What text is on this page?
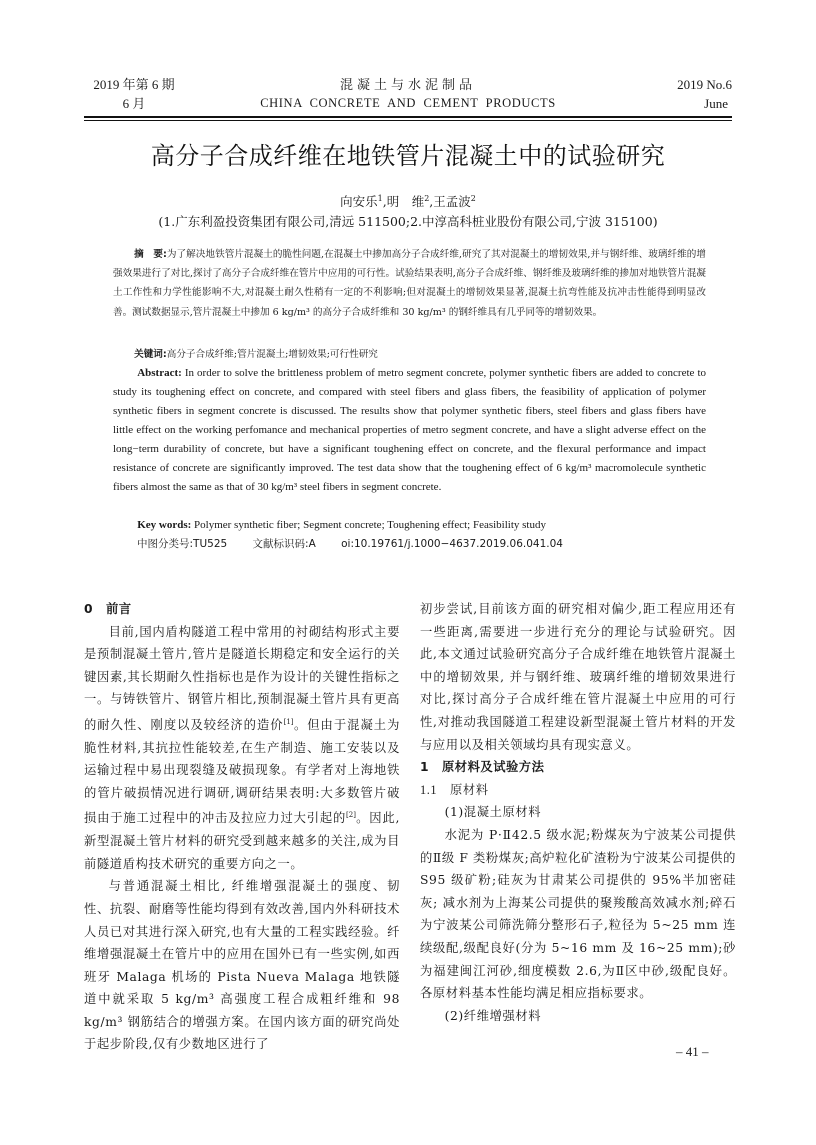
2019 年第 6 期
6 月
混凝土与水泥制品
CHINA  CONCRETE  AND  CEMENT  PRODUCTS
2019 No.6
June
高分子合成纤维在地铁管片混凝土中的试验研究
向安乐$^1$,明　维$^2$,王孟波$^2$
(1.广东利盈投资集团有限公司,清远 511500;2.中淳高科桩业股份有限公司,宁波 315100)
摘　要:为了解决地铁管片混凝土的脆性问题,在混凝土中掺加高分子合成纤维,研究了其对混凝土的增韧效果,并与钢纤维、玻璃纤维的增强效果进行了对比,探讨了高分子合成纤维在管片中应用的可行性。试验结果表明,高分子合成纤维、钢纤维及玻璃纤维的掺加对地铁管片混凝土工作性和力学性能影响不大,对混凝土耐久性稍有一定的不利影响;但对混凝土的增韧效果显著,混凝土抗弯性能及抗冲击性能得到明显改善。测试数据显示,管片混凝土中掺加 6 kg/m³ 的高分子合成纤维和 30 kg/m³ 的钢纤维具有几乎同等的增韧效果。
关键词:高分子合成纤维;管片混凝土;增韧效果;可行性研究
Abstract: In order to solve the brittleness problem of metro segment concrete, polymer synthetic fibers are added to concrete to study its toughening effect on concrete, and compared with steel fibers and glass fibers, the feasibility of application of polymer synthetic fibers in segment concrete is discussed. The results show that polymer synthetic fibers, steel fibers and glass fibers have little effect on the working perfomance and mechanical properties of metro segment concrete, and have a slight adverse effect on the long−term durability of concrete, but have a significant toughening effect on concrete, and the flexural performance and impact resistance of concrete are significantly improved. The test data show that the toughening effect of 6 kg/m³ macromolecule synthetic fibers almost the same as that of 30 kg/m³ steel fibers in segment concrete.
Key words: Polymer synthetic fiber; Segment concrete; Toughening effect; Feasibility study
中图分类号:TU525 文献标识码:A oi:10.19761/j.1000−4637.2019.06.041.04

0 前言

目前,国内盾构隧道工程中常用的衬砌结构形式主要是预制混凝土管片,管片是隧道长期稳定和安全运行的关键因素,其长期耐久性指标也是作为设计的关键性指标之一。与铸铁管片、钢管片相比,预制混凝土管片具有更高的耐久性、刚度以及较经济的造价[1]。但由于混凝土为脆性材料,其抗拉性能较差,在生产制造、施工安装以及运输过程中易出现裂缝及破损现象。有学者对上海地铁的管片破损情况进行调研,调研结果表明:大多数管片破损由于施工过程中的冲击及拉应力过大引起的[2]。因此,新型混凝土管片材料的研究受到越来越多的关注,成为目前隧道盾构技术研究的重要方向之一。

与普通混凝土相比, 纤维增强混凝土的强度、韧性、抗裂、耐磨等性能均得到有效改善,国内外科研技术人员已对其进行深入研究,也有大量的工程实践经验。纤维增强混凝土在管片中的应用在国外已有一些实例,如西班牙 Malaga 机场的 Pista Nueva Malaga 地铁隧道中就采取 5 kg/m³ 高强度工程合成粗纤维和 98 kg/m³ 钢筋结合的增强方案。在国内该方面的研究尚处于起步阶段,仅有少数地区进行了

初步尝试,目前该方面的研究相对偏少,距工程应用还有一些距离,需要进一步进行充分的理论与试验研究。因此,本文通过试验研究高分子合成纤维在地铁管片混凝土中的增韧效果, 并与钢纤维、玻璃纤维的增韧效果进行对比,探讨高分子合成纤维在管片混凝土中应用的可行性,对推动我国隧道工程建设新型混凝土管片材料的开发与应用以及相关领域均具有现实意义。

1 原材料及试验方法

1.1 原材料

(1)混凝土原材料

水泥为 P·Ⅱ42.5 级水泥;粉煤灰为宁波某公司提供的Ⅱ级 F 类粉煤灰;高炉粒化矿渣粉为宁波某公司提供的 S95 级矿粉;硅灰为甘肃某公司提供的 95%半加密硅灰; 减水剂为上海某公司提供的聚羧酸高效减水剂;碎石为宁波某公司筛洗筛分整形石子,粒径为 5~25 mm 连续级配,级配良好(分为 5~16 mm 及 16~25 mm);砂为福建闽江河砂,细度模数 2.6,为Ⅱ区中砂,级配良好。各原材料基本性能均满足相应指标要求。

(2)纤维增强材料

– 41 –
